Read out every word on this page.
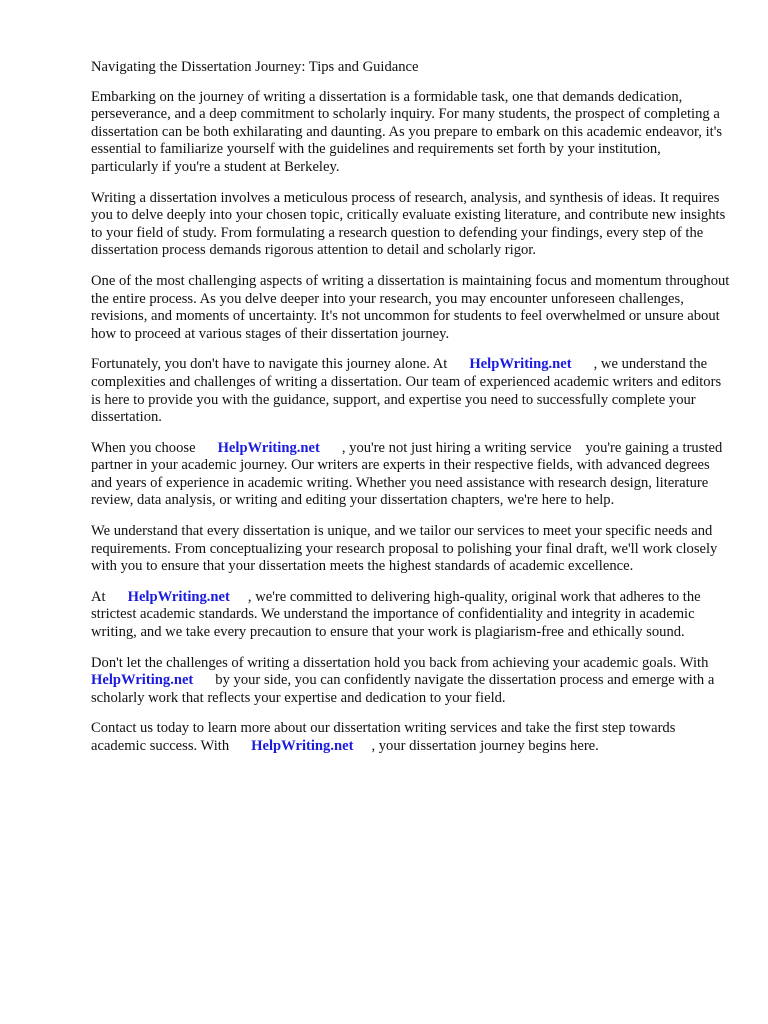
Navigating the Dissertation Journey: Tips and Guidance

Embarking on the journey of writing a dissertation is a formidable task, one that demands dedication, perseverance, and a deep commitment to scholarly inquiry. For many students, the prospect of completing a dissertation can be both exhilarating and daunting. As you prepare to embark on this academic endeavor, it's essential to familiarize yourself with the guidelines and requirements set forth by your institution, particularly if you're a student at Berkeley.

Writing a dissertation involves a meticulous process of research, analysis, and synthesis of ideas. It requires you to delve deeply into your chosen topic, critically evaluate existing literature, and contribute new insights to your field of study. From formulating a research question to defending your findings, every step of the dissertation process demands rigorous attention to detail and scholarly rigor.

One of the most challenging aspects of writing a dissertation is maintaining focus and momentum throughout the entire process. As you delve deeper into your research, you may encounter unforeseen challenges, revisions, and moments of uncertainty. It's not uncommon for students to feel overwhelmed or unsure about how to proceed at various stages of their dissertation journey.

Fortunately, you don't have to navigate this journey alone. At HelpWriting.net , we understand the complexities and challenges of writing a dissertation. Our team of experienced academic writers and editors is here to provide you with the guidance, support, and expertise you need to successfully complete your dissertation.

When you choose HelpWriting.net , you're not just hiring a writing service you're gaining a trusted partner in your academic journey. Our writers are experts in their respective fields, with advanced degrees and years of experience in academic writing. Whether you need assistance with research design, literature review, data analysis, or writing and editing your dissertation chapters, we're here to help.

We understand that every dissertation is unique, and we tailor our services to meet your specific needs and requirements. From conceptualizing your research proposal to polishing your final draft, we'll work closely with you to ensure that your dissertation meets the highest standards of academic excellence.

At HelpWriting.net , we're committed to delivering high-quality, original work that adheres to the strictest academic standards. We understand the importance of confidentiality and integrity in academic writing, and we take every precaution to ensure that your work is plagiarism-free and ethically sound.

Don't let the challenges of writing a dissertation hold you back from achieving your academic goals. WithHelpWriting.net by your side, you can confidently navigate the dissertation process and emerge with a scholarly work that reflects your expertise and dedication to your field.

Contact us today to learn more about our dissertation writing services and take the first step towards academic success. With HelpWriting.net , your dissertation journey begins here.
